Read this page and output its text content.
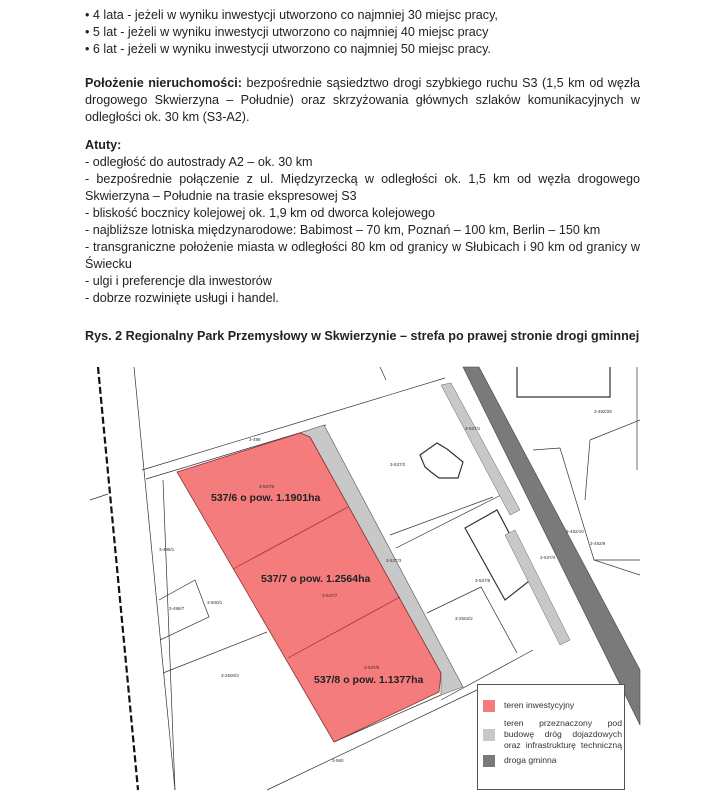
• 4 lata - jeżeli w wyniku inwestycji utworzono co najmniej 30 miejsc pracy,
• 5 lat - jeżeli w wyniku inwestycji utworzono co najmniej 40 miejsc pracy
• 6 lat - jeżeli w wyniku inwestycji utworzono co najmniej 50 miejsc pracy.
Położenie nieruchomości: bezpośrednie sąsiedztwo drogi szybkiego ruchu S3 (1,5 km od węzła drogowego Skwierzyna – Południe) oraz skrzyżowania głównych szlaków komunikacyjnych w odległości ok. 30 km (S3-A2).
Atuty:
- odległość do autostrady A2 – ok. 30 km
- bezpośrednie połączenie z ul. Międzyrzecką w odległości ok. 1,5 km od węzła drogowego Skwierzyna – Południe na trasie ekspresowej S3
- bliskość bocznicy kolejowej ok. 1,9 km od dworca kolejowego
- najbliższe lotniska międzynarodowe: Babimost – 70 km, Poznań – 100 km, Berlin – 150 km
- transgraniczne położenie miasta w odległości 80 km od granicy w Słubicach i 90 km od granicy w Świecku
- ulgi i preferencje dla inwestorów
- dobrze rozwinięte usługi i handel.
Rys. 2 Regionalny Park Przemysłowy w Skwierzynie – strefa po prawej stronie drogi gminnej
537/6 o pow. 1.1901ha
537/7 o pow. 1.2564ha
537/8 o pow. 1.1377ha
3-498
3-537/6
3-537/2
3-537/1
3-537/3
3-537/7
3-537/8
3-537/4
3-537/5
3-2502/2
3-2500/3
3-498/1
3-498/7
3-500/1
3-560
3-492/28
3-492/10
3-492/9
teren inwestycyjny
teren przeznaczony pod budowę dróg dojazdowych oraz infrastrukturę techniczną
droga gminna
